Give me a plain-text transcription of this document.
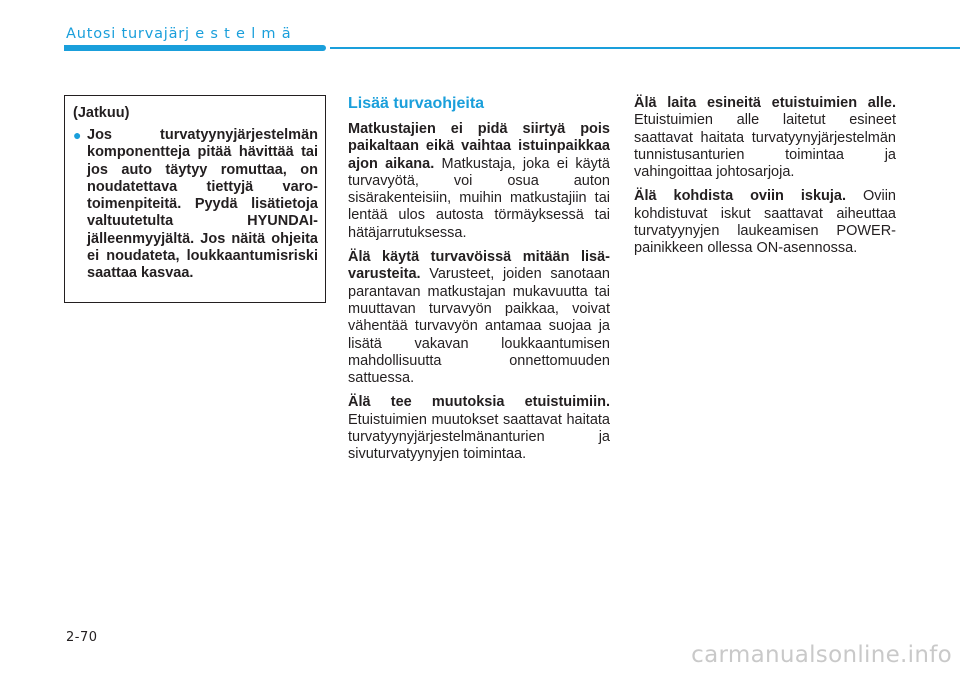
Autosi turvajärj e s t e l m ä

(Jatkuu)

● Jos turvatyynyjärjestelmän komponentteja pitää hävittää tai jos auto täytyy romuttaa, on noudatettava tiettyjä varotoimenpiteitä. Pyydä lisätietoja valtuutetulta HYUNDAI-jälleenmyyjältä. Jos näitä ohjeita ei noudateta, loukkaantumisriski saattaa kasvaa.
Lisää turvaohjeita

Matkustajien ei pidä siirtyä pois paikaltaan eikä vaihtaa istuinpaikkaa ajon aikana. Matkustaja, joka ei käytä turvavyötä, voi osua auton sisärakenteisiin, muihin matkustajiin tai lentää ulos autosta törmäyksessä tai hätäjarrutuksessa.

Älä käytä turvavöissä mitään lisävarusteita. Varusteet, joiden sanotaan parantavan matkustajan mukavuutta tai muuttavan turvavyön paikkaa, voivat vähentää turvavyön antamaa suojaa ja lisätä vakavan loukkaantumisen mahdollisuutta onnettomuuden sattuessa.

Älä tee muutoksia etuistuimiin. Etuistuimien muutokset saattavat haitata turvatyynyjärjestelmänanturien ja sivuturvatyynyjen toimintaa.

Älä laita esineitä etuistuimien alle. Etuistuimien alle laitetut esineet saattavat haitata turvatyynyjärjestelmän tunnistusanturien toimintaa ja vahingoittaa johtosarjoja.

Älä kohdista oviin iskuja. Oviin kohdistuvat iskut saattavat aiheuttaa turvatyynyjen laukeamisen POWER-painikkeen ollessa ON-asennossa.

2-70
carmanualsonline.info
